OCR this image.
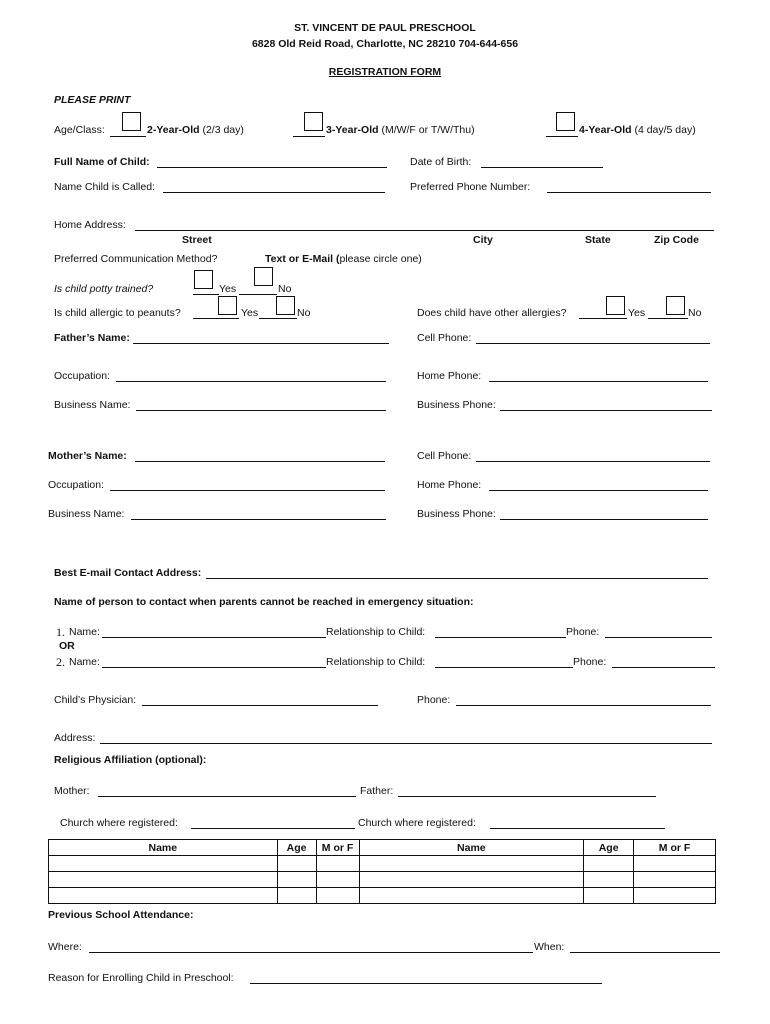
ST. VINCENT DE PAUL PRESCHOOL
6828 Old Reid Road, Charlotte, NC 28210 704-644-656
REGISTRATION FORM
PLEASE PRINT
Age/Class:	2-Year-Old (2/3 day)	3-Year-Old (M/W/F or T/W/Thu)	4-Year-Old (4 day/5 day)
Full Name of Child:	Date of Birth:
Name Child is Called:	Preferred Phone Number:
Home Address:
Street	City	State	Zip Code
Preferred Communication Method?	Text or E-Mail (please circle one)
Is child potty trained?	Yes	No
Is child allergic to peanuts?	Yes	No	Does child have other allergies?	Yes	No
Father’s Name:	Cell Phone:
Occupation:	Home Phone:
Business Name:	Business Phone:
Mother’s Name:	Cell Phone:
Occupation:	Home Phone:
Business Name:	Business Phone:
Best E-mail Contact Address:
Name of person to contact when parents cannot be reached in emergency situation:
1. Name:	Relationship to Child:	Phone:
OR
2. Name:	Relationship to Child:	Phone:
Child’s Physician:	Phone:
Address:
Religious Affiliation (optional):
Mother:	Father:
Church where registered:	Church where registered:
Name	Age	M or F	Name	Age	M or F

Previous School Attendance:
Where:	When:
Reason for Enrolling Child in Preschool:
